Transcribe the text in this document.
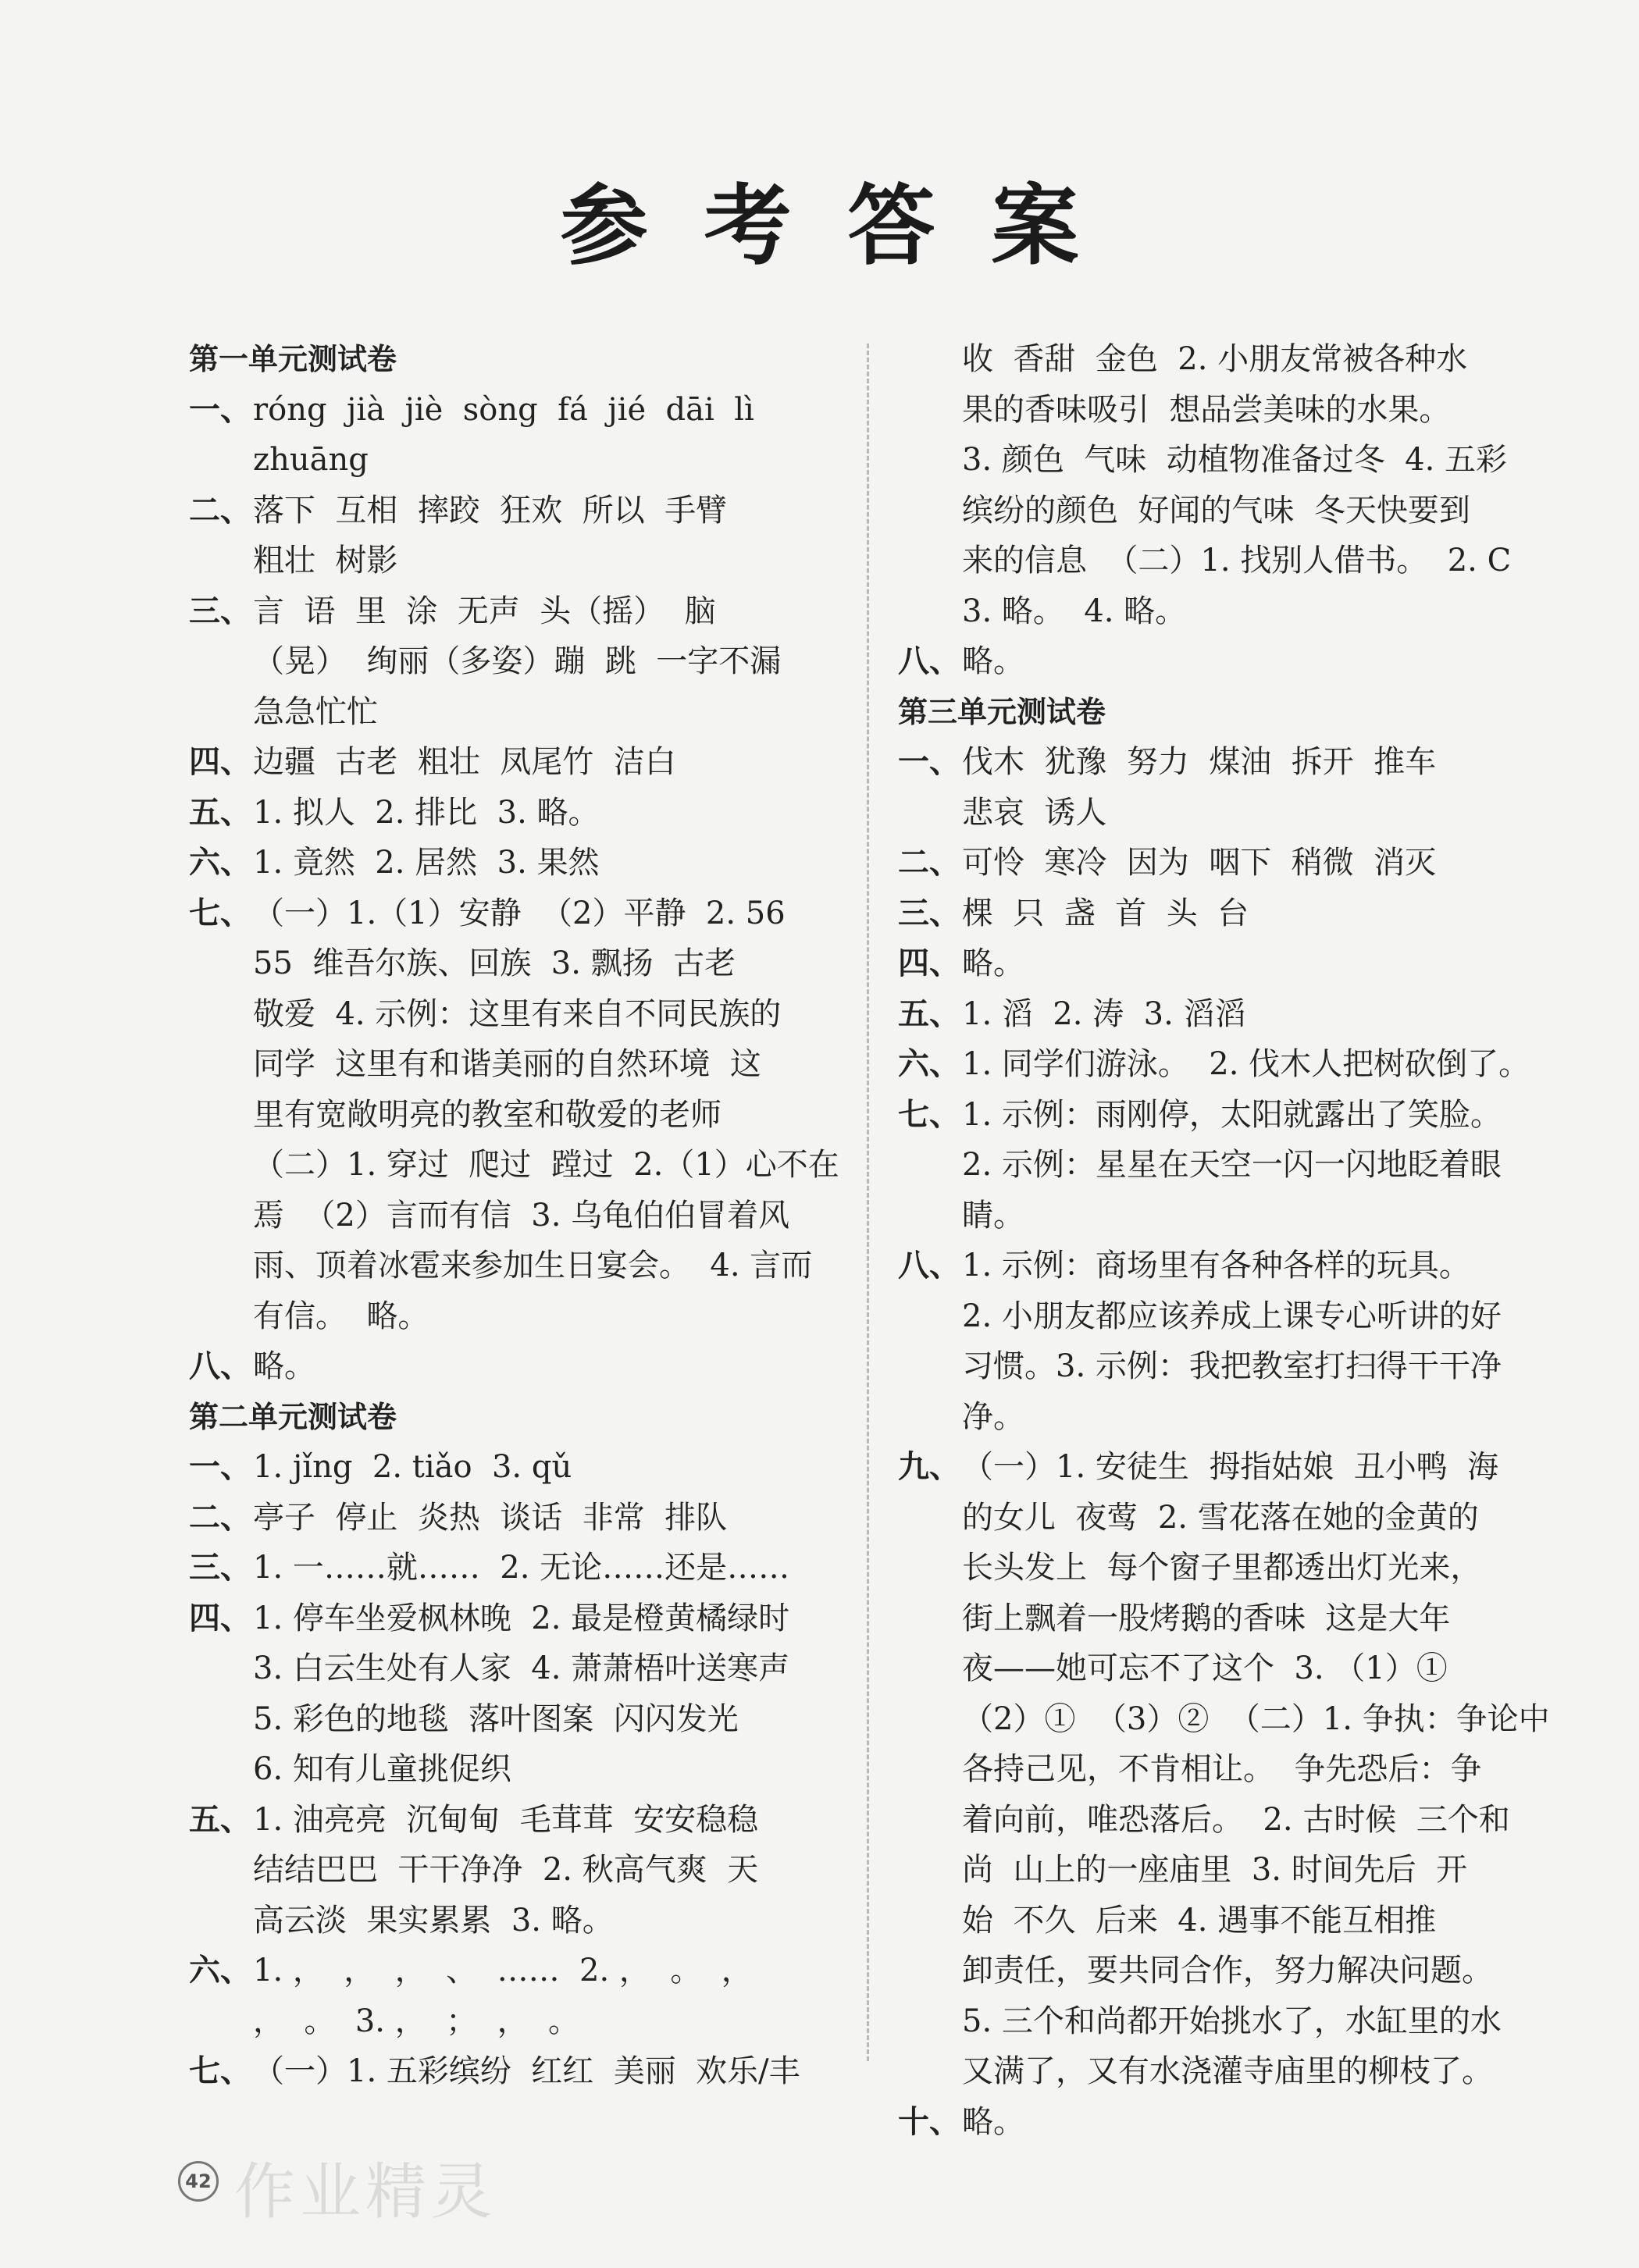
参考答案
第一单元测试卷
一、 róng  jià  jiè  sòng  fá  jié  dāi  lì
zhuāng
二、 落下  互相  摔跤  狂欢  所以  手臂
粗壮  树影
三、 言  语  里  涂  无声  头（摇）  脑
（晃）  绚丽（多姿）蹦  跳  一字不漏
急急忙忙
四、 边疆  古老  粗壮  凤尾竹  洁白
五、 1. 拟人  2. 排比  3. 略。
六、 1. 竟然  2. 居然  3. 果然
七、 （一）1.（1）安静  （2）平静  2. 56
55  维吾尔族、回族  3. 飘扬  古老
敬爱  4. 示例：这里有来自不同民族的
同学  这里有和谐美丽的自然环境  这
里有宽敞明亮的教室和敬爱的老师
（二）1. 穿过  爬过  蹚过  2.（1）心不在
焉  （2）言而有信  3. 乌龟伯伯冒着风
雨、顶着冰雹来参加生日宴会。  4. 言而
有信。  略。
八、 略。
第二单元测试卷
一、 1. jǐng  2. tiǎo  3. qǔ
二、 亭子  停止  炎热  谈话  非常  排队
三、 1. 一……就……  2. 无论……还是……
四、 1. 停车坐爱枫林晚  2. 最是橙黄橘绿时
3. 白云生处有人家  4. 萧萧梧叶送寒声
5. 彩色的地毯  落叶图案  闪闪发光
6. 知有儿童挑促织
五、 1. 油亮亮  沉甸甸  毛茸茸  安安稳稳
结结巴巴  干干净净  2. 秋高气爽  天
高云淡  果实累累  3. 略。
六、 1. ，  ，  ，  、  ……  2. ，  。  ，
，  。  3. ，  ；  ，  。
七、 （一）1. 五彩缤纷  红红  美丽  欢乐/丰
收  香甜  金色  2. 小朋友常被各种水
果的香味吸引  想品尝美味的水果。
3. 颜色  气味  动植物准备过冬  4. 五彩
缤纷的颜色  好闻的气味  冬天快要到
来的信息  （二）1. 找别人借书。  2. C
3. 略。  4. 略。
八、 略。
第三单元测试卷
一、 伐木  犹豫  努力  煤油  拆开  推车
悲哀  诱人
二、 可怜  寒冷  因为  咽下  稍微  消灭
三、 棵  只  盏  首  头  台
四、 略。
五、 1. 滔  2. 涛  3. 滔滔
六、 1. 同学们游泳。  2. 伐木人把树砍倒了。
七、 1. 示例：雨刚停，太阳就露出了笑脸。
2. 示例：星星在天空一闪一闪地眨着眼睛。
八、 1. 示例：商场里有各种各样的玩具。
2. 小朋友都应该养成上课专心听讲的好
习惯。3. 示例：我把教室打扫得干干净净。
九、 （一）1. 安徒生  拇指姑娘  丑小鸭  海
的女儿  夜莺  2. 雪花落在她的金黄的
长头发上  每个窗子里都透出灯光来，
街上飘着一股烤鹅的香味  这是大年
夜——她可忘不了这个  3. （1）①
（2）①  （3）②  （二）1. 争执：争论中
各持己见，不肯相让。  争先恐后：争
着向前，唯恐落后。  2. 古时候  三个和
尚  山上的一座庙里  3. 时间先后  开
始  不久  后来  4. 遇事不能互相推
卸责任，要共同合作，努力解决问题。
5. 三个和尚都开始挑水了，水缸里的水
又满了，又有水浇灌寺庙里的柳枝了。
十、 略。
42 作业精灵
